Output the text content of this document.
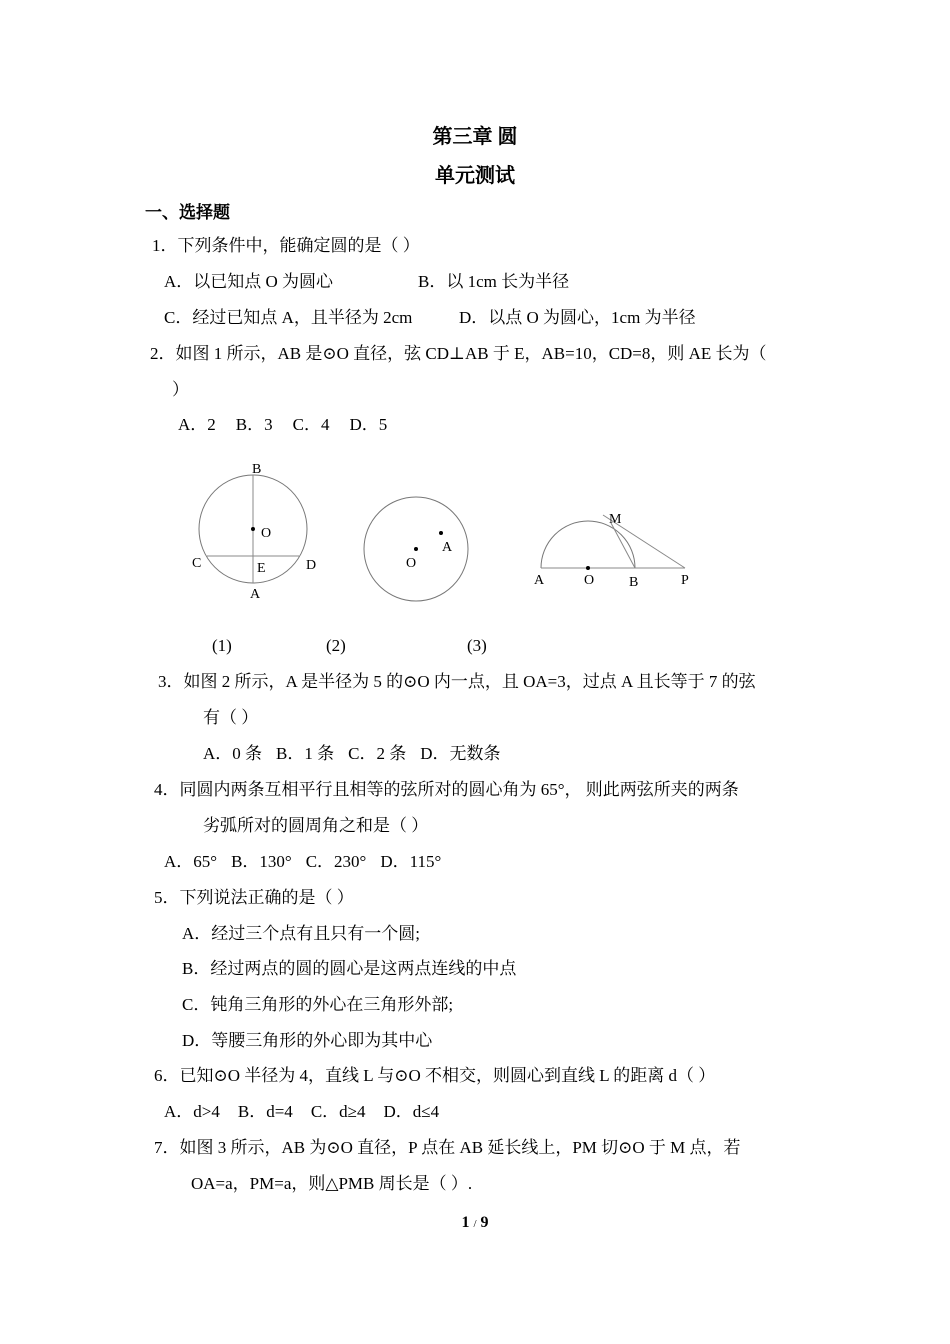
第三章 圆
单元测试
一、选择题
1．下列条件中，能确定圆的是（ ）
A．以已知点 O 为圆心	B．以 1cm 长为半径
C．经过已知点 A，且半径为 2cm	D．以点 O 为圆心，1cm 为半径
2．如图 1 所示，AB 是⊙O 直径，弦 CD⊥AB 于 E，AB=10，CD=8，则 AE 长为（
）
A．2 B．3 C．4 D．5
B
O
C	D
E
A
O
A
M
A	O B	P
(1)	(2)	(3)
3．如图 2 所示，A 是半径为 5 的⊙O 内一点，且 OA=3，过点 A 且长等于 7 的弦
有（ ）
A．0 条 B．1 条 C．2 条 D．无数条
4．同圆内两条互相平行且相等的弦所对的圆心角为 65°， 则此两弦所夹的两条
劣弧所对的圆周角之和是（ ）
A．65° B．130° C．230° D．115°
5．下列说法正确的是（ ）
A．经过三个点有且只有一个圆;
B．经过两点的圆的圆心是这两点连线的中点
C．钝角三角形的外心在三角形外部;
D．等腰三角形的外心即为其中心
6．已知⊙O 半径为 4，直线 L 与⊙O 不相交，则圆心到直线 L 的距离 d（ ）
A．d>4 B．d=4 C．d≥4 D．d≤4
7．如图 3 所示，AB 为⊙O 直径，P 点在 AB 延长线上，PM 切⊙O 于 M 点，若
OA=a，PM=a，则△PMB 周长是（ ）.
1 / 9
